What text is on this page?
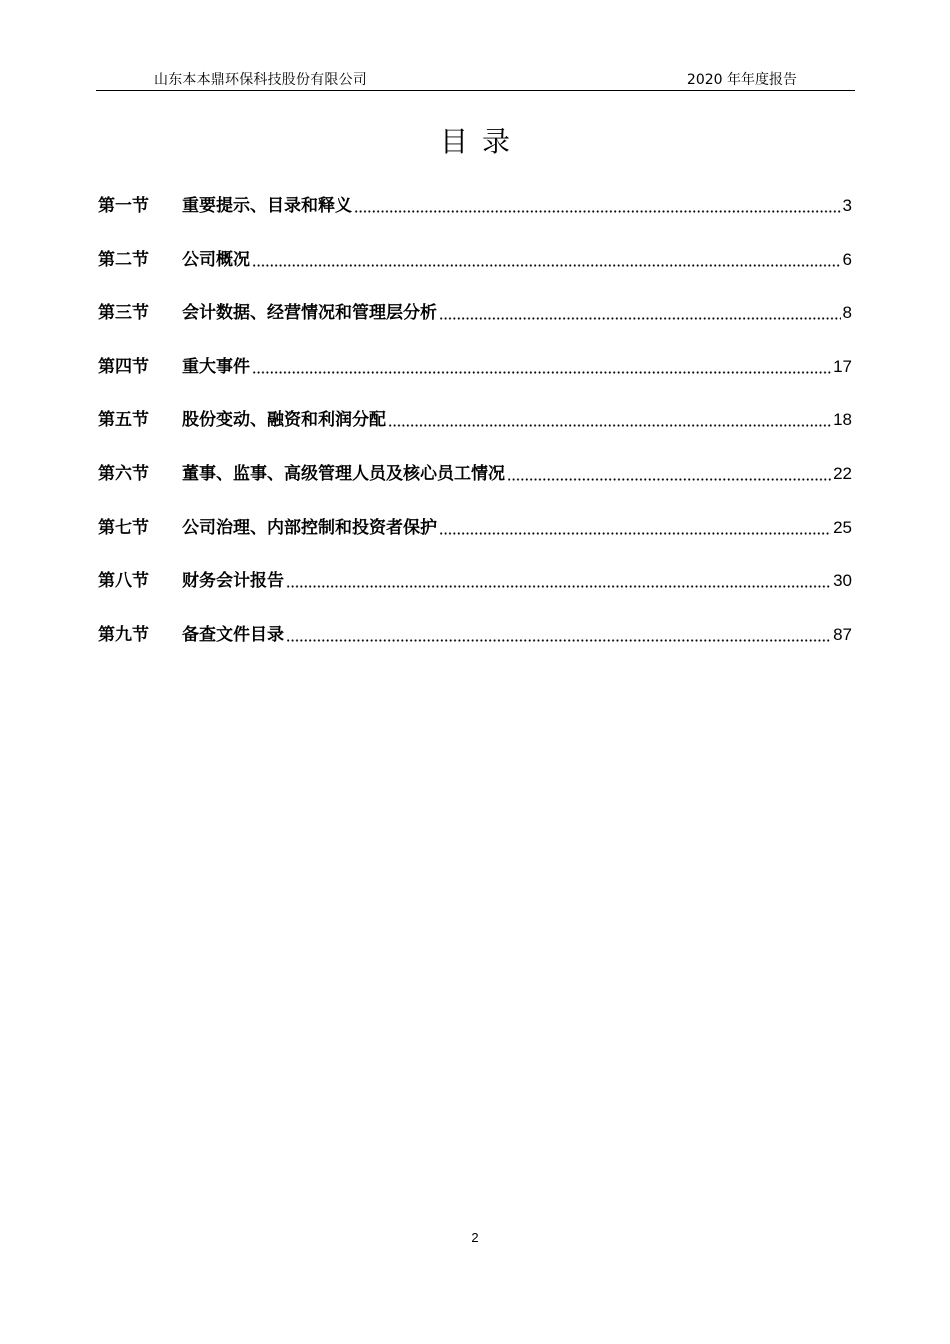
山东本本鼎环保科技股份有限公司	2020 年年度报告
目录
第一节	重要提示、目录和释义	3
第二节	公司概况	6
第三节	会计数据、经营情况和管理层分析	8
第四节	重大事件	17
第五节	股份变动、融资和利润分配	18
第六节	董事、监事、高级管理人员及核心员工情况	22
第七节	公司治理、内部控制和投资者保护	25
第八节	财务会计报告	30
第九节	备查文件目录	87
2
